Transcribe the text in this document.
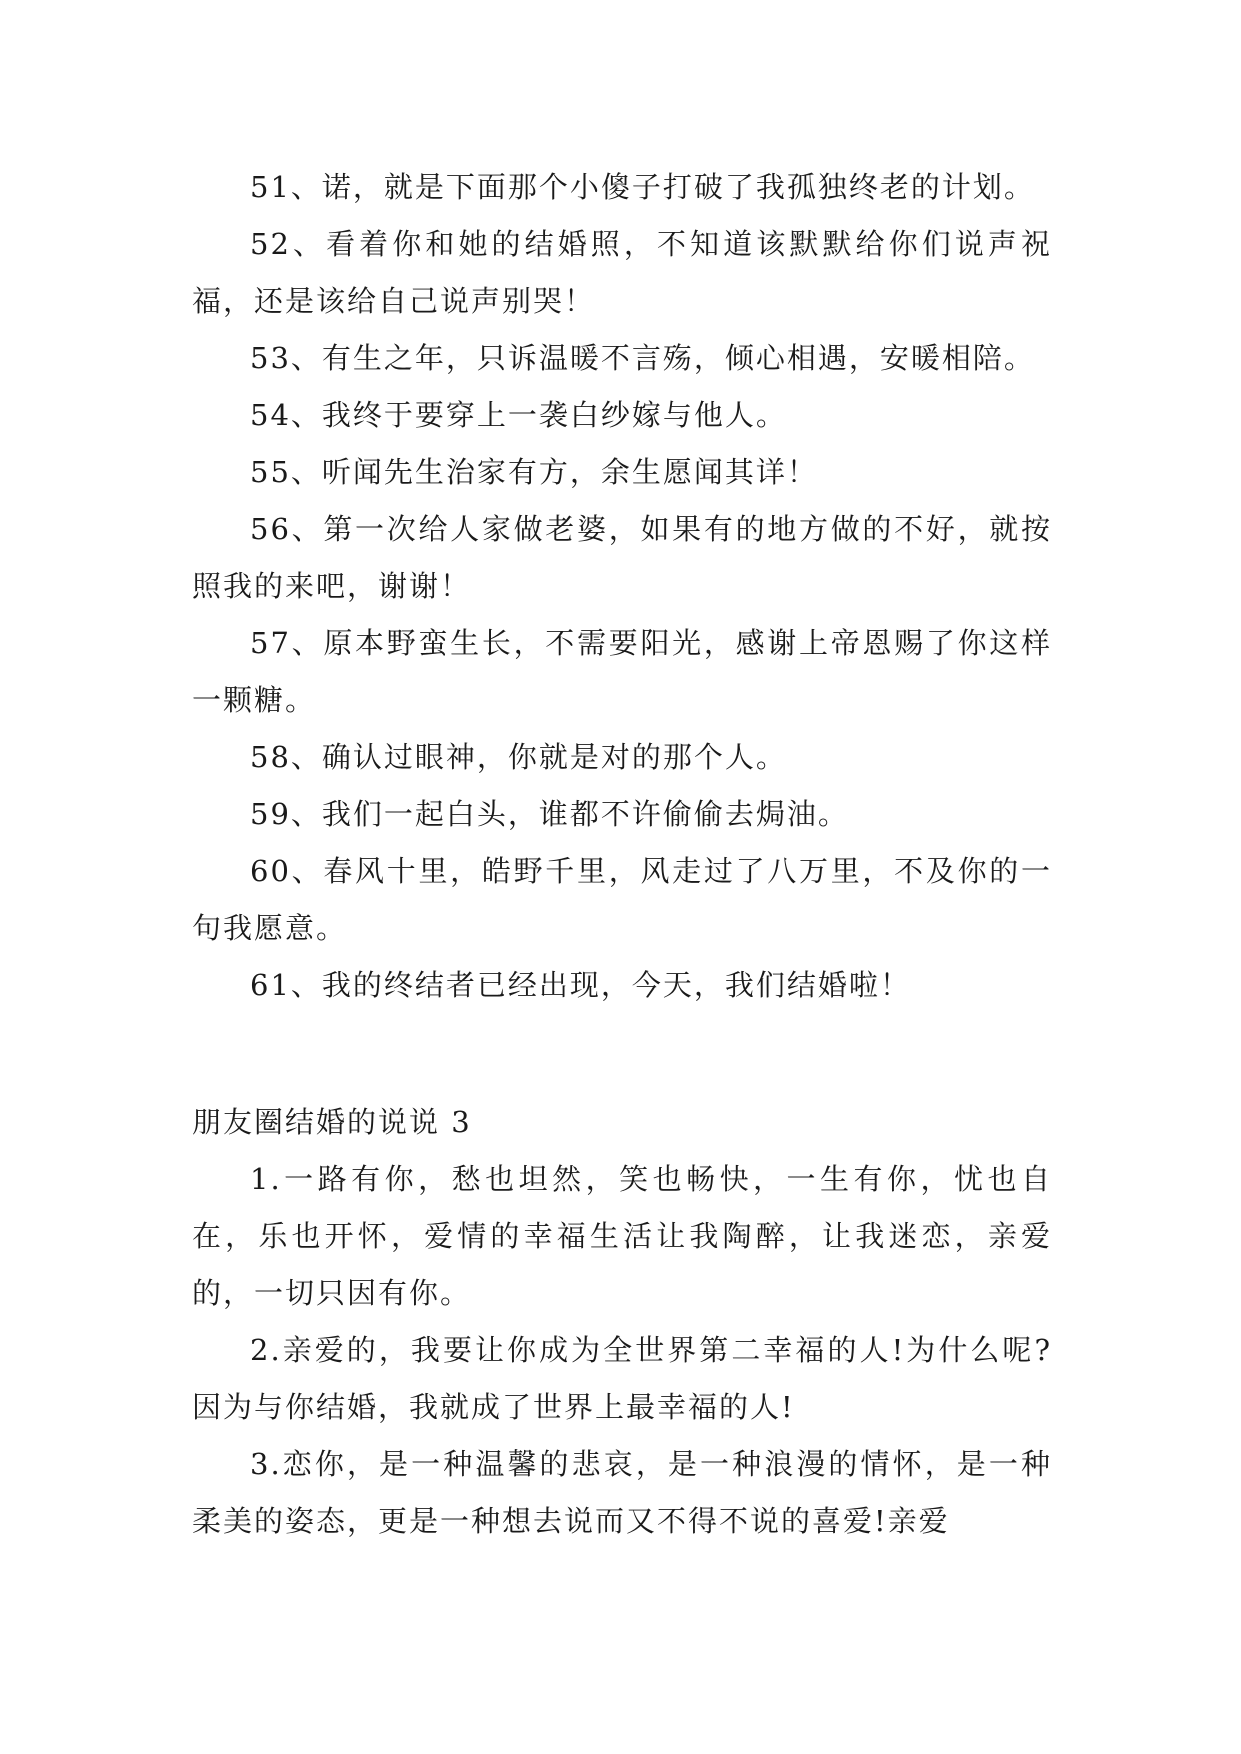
51、诺，就是下面那个小傻子打破了我孤独终老的计划。

52、看着你和她的结婚照，不知道该默默给你们说声祝福，还是该给自己说声别哭！

53、有生之年，只诉温暖不言殇，倾心相遇，安暖相陪。

54、我终于要穿上一袭白纱嫁与他人。

55、听闻先生治家有方，余生愿闻其详！

56、第一次给人家做老婆，如果有的地方做的不好，就按照我的来吧，谢谢！

57、原本野蛮生长，不需要阳光，感谢上帝恩赐了你这样一颗糖。

58、确认过眼神，你就是对的那个人。

59、我们一起白头，谁都不许偷偷去焗油。

60、春风十里，皓野千里，风走过了八万里，不及你的一句我愿意。

61、我的终结者已经出现，今天，我们结婚啦！

朋友圈结婚的说说 3

1.一路有你，愁也坦然，笑也畅快，一生有你，忧也自在，乐也开怀，爱情的幸福生活让我陶醉，让我迷恋，亲爱的，一切只因有你。

2.亲爱的，我要让你成为全世界第二幸福的人!为什么呢?因为与你结婚，我就成了世界上最幸福的人!

3.恋你，是一种温馨的悲哀，是一种浪漫的情怀，是一种柔美的姿态，更是一种想去说而又不得不说的喜爱!亲爱
